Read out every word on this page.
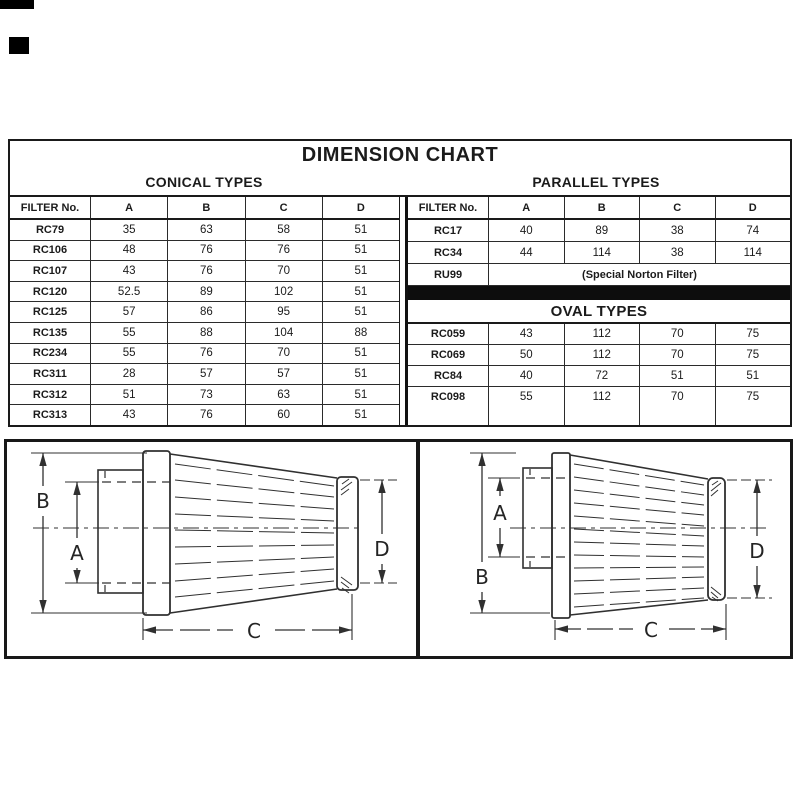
DIMENSION CHART
CONICAL TYPES	PARALLEL TYPES
FILTER No.	A	B	C	D
RC79	35	63	58	51
RC106	48	76	76	51
RC107	43	76	70	51
RC120	52.5	89	102	51
RC125	57	86	95	51
RC135	55	88	104	88
RC234	55	76	70	51
RC311	28	57	57	51
RC312	51	73	63	51
RC313	43	76	60	51
FILTER No.	A	B	C	D
RC17	40	89	38	74
RC34	44	114	38	114
RU99	(Special Norton Filter)
OVAL TYPES
RC059	43	112	70	75
RC069	50	112	70	75
RC84	40	72	51	51
RC098	55	112	70	75
B
A	D
C
B
A
D
C
